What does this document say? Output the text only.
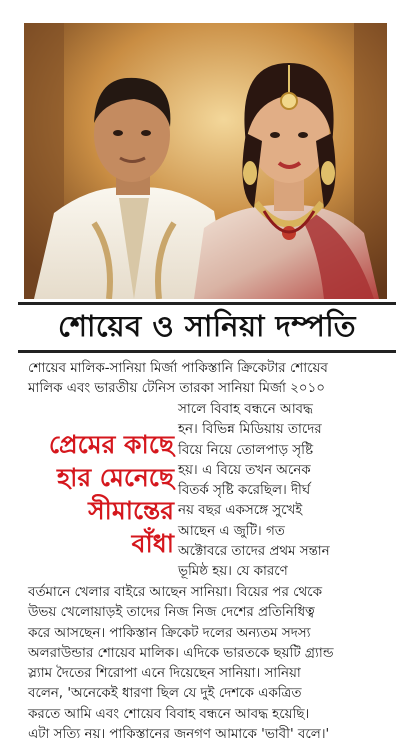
শোয়েব ও সানিয়া দম্পতি
শোয়েব মালিক-সানিয়া মির্জা পাকিস্তানি ক্রিকেটার শোয়েব
মালিক এবং ভারতীয় টেনিস তারকা সানিয়া মির্জা ২০১০
প্রেমের কাছে
হার মেনেছে
সীমান্তের
বাঁধা
সালে বিবাহ বন্ধনে আবদ্ধ
হন। বিভিন্ন মিডিয়ায় তাদের
বিয়ে নিয়ে তোলপাড় সৃষ্টি
হয়। এ বিয়ে তখন অনেক
বিতর্ক সৃষ্টি করেছিল। দীর্ঘ
নয় বছর একসঙ্গে সুখেই
আছেন এ জুটি। গত
অক্টোবরে তাদের প্রথম সন্তান
ভূমিষ্ঠ হয়। যে কারণে
বর্তমানে খেলার বাইরে আছেন সানিয়া। বিয়ের পর থেকে
উভয় খেলোয়াড়ই তাদের নিজ নিজ দেশের প্রতিনিধিত্ব
করে আসছেন। পাকিস্তান ক্রিকেট দলের অন্যতম সদস্য
অলরাউন্ডার শোয়েব মালিক। এদিকে ভারতকে ছয়টি গ্র্যান্ড
স্ল্যাম দৈতের শিরোপা এনে দিয়েছেন সানিয়া। সানিয়া
বলেন, 'অনেকেই ধারণা ছিল যে দুই দেশকে একত্রিত
করতে আমি এবং শোয়েব বিবাহ বন্ধনে আবদ্ধ হয়েছি।
এটা সত্যি নয়। পাকিস্তানের জনগণ আমাকে 'ভাবী' বলে।'
